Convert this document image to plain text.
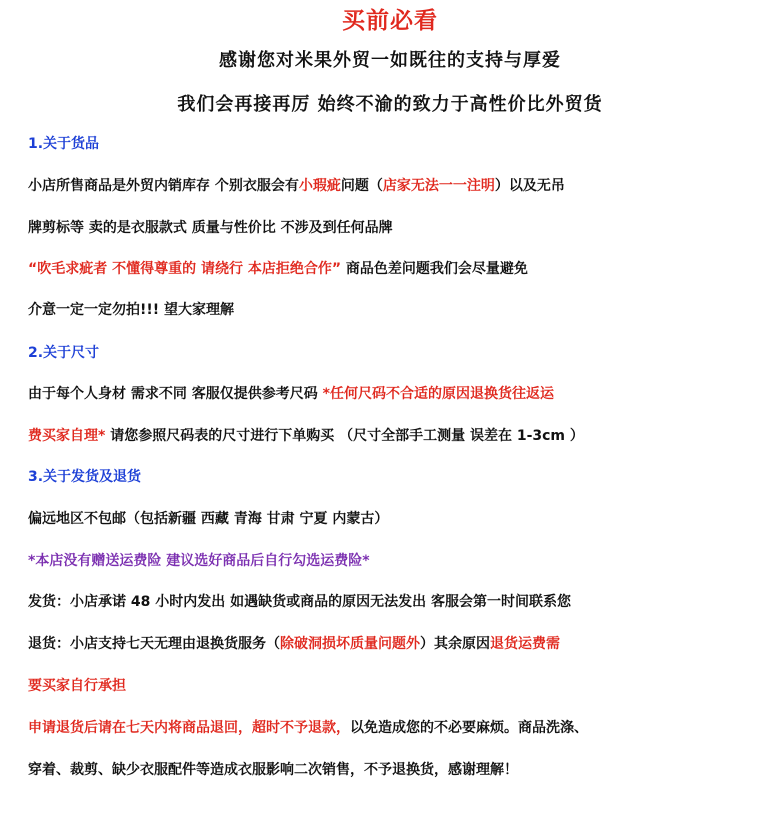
买前必看
感谢您对米果外贸一如既往的支持与厚爱
我们会再接再厉 始终不渝的致力于高性价比外贸货
1.关于货品
小店所售商品是外贸内销库存 个别衣服会有小瑕疵问题（店家无法一一注明）以及无吊
牌剪标等 卖的是衣服款式 质量与性价比 不涉及到任何品牌
“吹毛求疵者 不懂得尊重的 请绕行 本店拒绝合作” 商品色差问题我们会尽量避免
介意一定一定勿拍!!! 望大家理解
2.关于尺寸
由于每个人身材 需求不同 客服仅提供参考尺码 *任何尺码不合适的原因退换货往返运
费买家自理* 请您参照尺码表的尺寸进行下单购买 （尺寸全部手工测量 误差在 1-3cm ）
3.关于发货及退货
偏远地区不包邮（包括新疆 西藏 青海 甘肃 宁夏 内蒙古）
*本店没有赠送运费险 建议选好商品后自行勾选运费险*
发货：小店承诺 48 小时内发出 如遇缺货或商品的原因无法发出 客服会第一时间联系您
退货：小店支持七天无理由退换货服务（除破洞损坏质量问题外）其余原因退货运费需
要买家自行承担
申请退货后请在七天内将商品退回，超时不予退款，以免造成您的不必要麻烦。商品洗涤、
穿着、裁剪、缺少衣服配件等造成衣服影响二次销售，不予退换货，感谢理解！
